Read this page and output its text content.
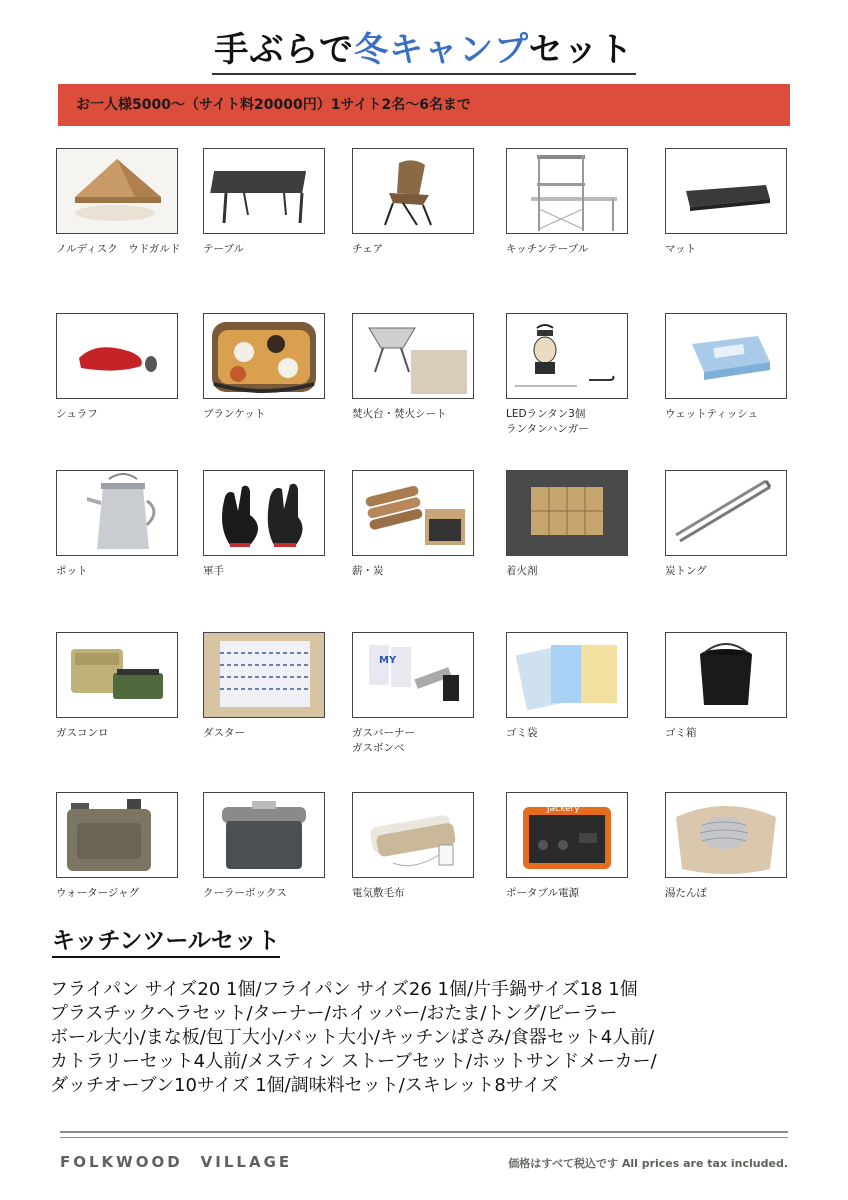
手ぶらで冬キャンプセット
お一人様5000～（サイト料20000円）1サイト2名～6名まで
ノルディスク　ウドガルド	テーブル	チェア	キッチンテーブル	マット
シュラフ	ブランケット	焚火台・焚火シート	LEDランタン3個
ランタンハンガー
ウェットティッシュ
ポット	軍手	薪・炭	着火剤	炭トング
ガスコンロ	ダスター
MY
ガスバーナー
ガスボンベ
ゴミ袋	ゴミ箱
ウォータージャグ	クーラーボックス	電気敷毛布
Jackery
ポータブル電源	湯たんぽ
キッチンツールセット
フライパン サイズ20 1個/フライパン サイズ26 1個/片手鍋サイズ18 1個
プラスチックヘラセット/ターナー/ホイッパー/おたま/トング/ピーラー
ボール大小/まな板/包丁大小/バット大小/キッチンばさみ/食器セット4人前/
カトラリーセット4人前/メスティン ストーブセット/ホットサンドメーカー/
ダッチオーブン10サイズ 1個/調味料セット/スキレット8サイズ
FOLKWOOD　VILLAGE	価格はすべて税込です All prices are tax included.
